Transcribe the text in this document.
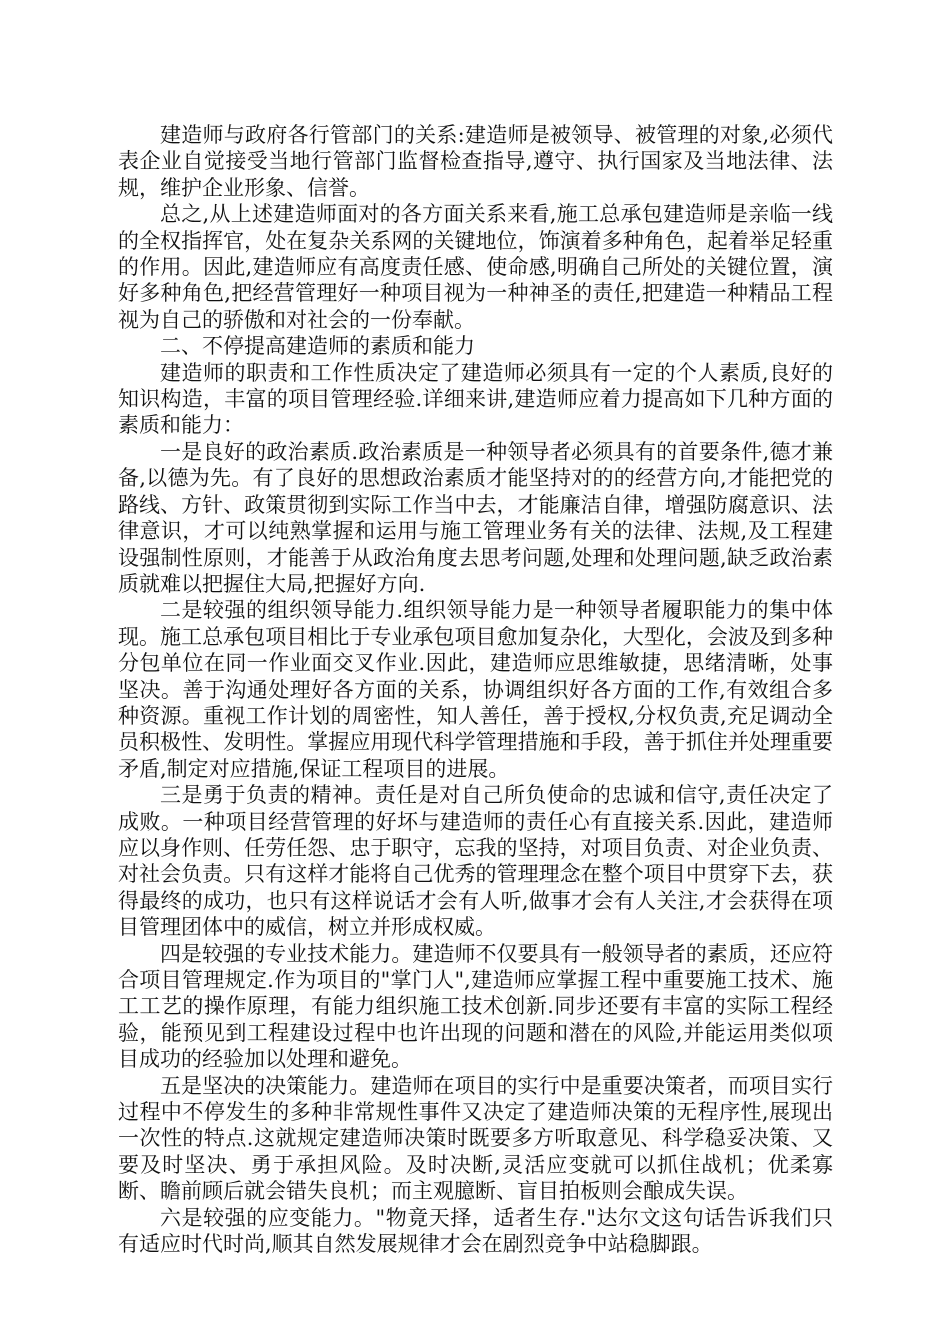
建造师与政府各行管部门的关系:建造师是被领导、被管理的对象,必须代表企业自觉接受当地行管部门监督检查指导,遵守、执行国家及当地法律、法规，维护企业形象、信誉。

总之,从上述建造师面对的各方面关系来看,施工总承包建造师是亲临一线的全权指挥官，处在复杂关系网的关键地位，饰演着多种角色，起着举足轻重的作用。因此,建造师应有高度责任感、使命感,明确自己所处的关键位置，演好多种角色,把经营管理好一种项目视为一种神圣的责任,把建造一种精品工程视为自己的骄傲和对社会的一份奉献。

二、不停提高建造师的素质和能力

建造师的职责和工作性质决定了建造师必须具有一定的个人素质,良好的知识构造，丰富的项目管理经验.详细来讲,建造师应着力提高如下几种方面的素质和能力：

一是良好的政治素质.政治素质是一种领导者必须具有的首要条件,德才兼备,以德为先。有了良好的思想政治素质才能坚持对的的经营方向,才能把党的路线、方针、政策贯彻到实际工作当中去，才能廉洁自律，增强防腐意识、法律意识，才可以纯熟掌握和运用与施工管理业务有关的法律、法规,及工程建设强制性原则，才能善于从政治角度去思考问题,处理和处理问题,缺乏政治素质就难以把握住大局,把握好方向.

二是较强的组织领导能力.组织领导能力是一种领导者履职能力的集中体现。施工总承包项目相比于专业承包项目愈加复杂化，大型化，会波及到多种分包单位在同一作业面交叉作业.因此，建造师应思维敏捷，思绪清晰，处事坚决。善于沟通处理好各方面的关系，协调组织好各方面的工作,有效组合多种资源。重视工作计划的周密性，知人善任，善于授权,分权负责,充足调动全员积极性、发明性。掌握应用现代科学管理措施和手段，善于抓住并处理重要矛盾,制定对应措施,保证工程项目的进展。

三是勇于负责的精神。责任是对自己所负使命的忠诚和信守,责任决定了成败。一种项目经营管理的好坏与建造师的责任心有直接关系.因此，建造师应以身作则、任劳任怨、忠于职守，忘我的坚持，对项目负责、对企业负责、对社会负责。只有这样才能将自己优秀的管理理念在整个项目中贯穿下去，获得最终的成功，也只有这样说话才会有人听,做事才会有人关注,才会获得在项目管理团体中的威信，树立并形成权威。

四是较强的专业技术能力。建造师不仅要具有一般领导者的素质，还应符合项目管理规定.作为项目的"掌门人",建造师应掌握工程中重要施工技术、施工工艺的操作原理，有能力组织施工技术创新.同步还要有丰富的实际工程经验，能预见到工程建设过程中也许出现的问题和潜在的风险,并能运用类似项目成功的经验加以处理和避免。

五是坚决的决策能力。建造师在项目的实行中是重要决策者，而项目实行过程中不停发生的多种非常规性事件又决定了建造师决策的无程序性,展现出一次性的特点.这就规定建造师决策时既要多方听取意见、科学稳妥决策、又要及时坚决、勇于承担风险。及时决断,灵活应变就可以抓住战机；优柔寡断、瞻前顾后就会错失良机；而主观臆断、盲目拍板则会酿成失误。

六是较强的应变能力。"物竟天择，适者生存."达尔文这句话告诉我们只有适应时代时尚,顺其自然发展规律才会在剧烈竞争中站稳脚跟。
